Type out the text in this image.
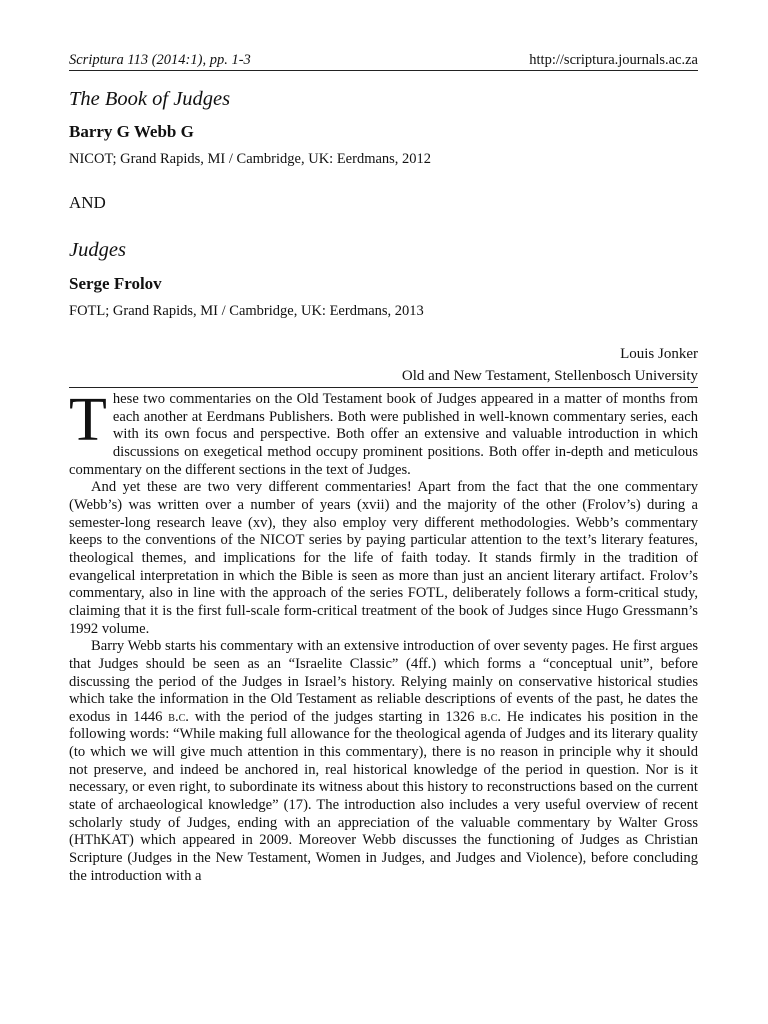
Scriptura 113 (2014:1), pp. 1-3	http://scriptura.journals.ac.za
The Book of Judges
Barry G Webb G
NICOT; Grand Rapids, MI / Cambridge, UK: Eerdmans, 2012
AND
Judges
Serge Frolov
FOTL; Grand Rapids, MI / Cambridge, UK: Eerdmans, 2013
Louis Jonker
Old and New Testament, Stellenbosch University

These two commentaries on the Old Testament book of Judges appeared in a matter of months from each another at Eerdmans Publishers. Both were published in well-known commentary series, each with its own focus and perspective. Both offer an extensive and valuable introduction in which discussions on exegetical method occupy prominent positions. Both offer in-depth and meticulous commentary on the different sections in the text of Judges.

And yet these are two very different commentaries! Apart from the fact that the one commentary (Webb’s) was written over a number of years (xvii) and the majority of the other (Frolov’s) during a semester-long research leave (xv), they also employ very different methodologies. Webb’s commentary keeps to the conventions of the NICOT series by paying particular attention to the text’s literary features, theological themes, and implications for the life of faith today. It stands firmly in the tradition of evangelical interpretation in which the Bible is seen as more than just an ancient literary artifact. Frolov’s commentary, also in line with the approach of the series FOTL, deliberately follows a form-critical study, claiming that it is the first full-scale form-critical treatment of the book of Judges since Hugo Gressmann’s 1992 volume.

Barry Webb starts his commentary with an extensive introduction of over seventy pages. He first argues that Judges should be seen as an “Israelite Classic” (4ff.) which forms a “conceptual unit”, before discussing the period of the Judges in Israel’s history. Relying mainly on conservative historical studies which take the information in the Old Testament as reliable descriptions of events of the past, he dates the exodus in 1446 b.c. with the period of the judges starting in 1326 b.c. He indicates his position in the following words: “While making full allowance for the theological agenda of Judges and its literary quality (to which we will give much attention in this commentary), there is no reason in principle why it should not preserve, and indeed be anchored in, real historical knowledge of the period in question. Nor is it necessary, or even right, to subordinate its witness about this history to reconstructions based on the current state of archaeological knowledge” (17). The introduction also includes a very useful overview of recent scholarly study of Judges, ending with an appreciation of the valuable commentary by Walter Gross (HThKAT) which appeared in 2009. Moreover Webb discusses the functioning of Judges as Christian Scripture (Judges in the New Testament, Women in Judges, and Judges and Violence), before concluding the introduction with a
